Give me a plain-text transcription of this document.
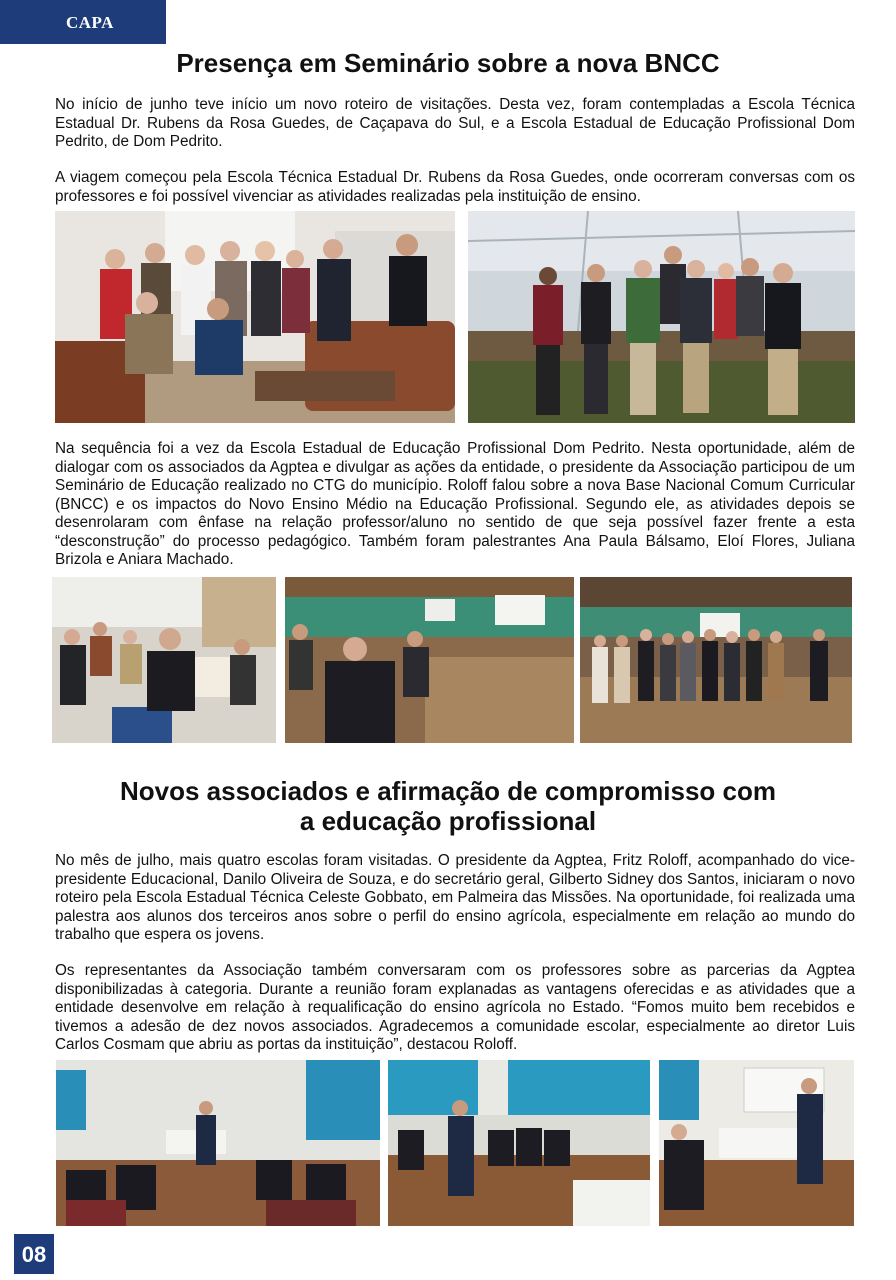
CAPA
Presença em Seminário sobre a nova BNCC

No início de junho teve início um novo roteiro de visitações. Desta vez, foram contempladas a Escola Técnica Estadual Dr. Rubens da Rosa Guedes, de Caçapava do Sul, e a Escola Estadual de Educação Profissional Dom Pedrito, de Dom Pedrito.

A viagem começou pela Escola Técnica Estadual Dr. Rubens da Rosa Guedes, onde ocorreram conversas com os professores e foi possível vivenciar as atividades realizadas pela instituição de ensino.

Na sequência foi a vez da Escola Estadual de Educação Profissional Dom Pedrito. Nesta oportunidade, além de dialogar com os associados da Agptea e divulgar as ações da entidade, o presidente da Associação participou de um Seminário de Educação realizado no CTG do município. Roloff falou sobre a nova Base Nacional Comum Curricular (BNCC) e os impactos do Novo Ensino Médio na Educação Profissional. Segundo ele, as atividades depois se desenrolaram com ênfase na relação professor/aluno no sentido de que seja possível fazer frente a esta “desconstrução” do processo pedagógico. Também foram palestrantes Ana Paula Bálsamo, Eloí Flores, Juliana Brizola e Aniara Machado.

Novos associados e afirmação de compromisso com
a educação profissional

No mês de julho, mais quatro escolas foram visitadas. O presidente da Agptea, Fritz Roloff, acompanhado do vice-presidente Educacional, Danilo Oliveira de Souza, e do secretário geral, Gilberto Sidney dos Santos, iniciaram o novo roteiro pela Escola Estadual Técnica Celeste Gobbato, em Palmeira das Missões. Na oportunidade, foi realizada uma palestra aos alunos dos terceiros anos sobre o perfil do ensino agrícola, especialmente em relação ao mundo do trabalho que espera os jovens.

Os representantes da Associação também conversaram com os professores sobre as parcerias da Agptea disponibilizadas à categoria. Durante a reunião foram explanadas as vantagens oferecidas e as atividades que a entidade desenvolve em relação à requalificação do ensino agrícola no Estado. “Fomos muito bem recebidos e tivemos a adesão de dez novos associados. Agradecemos a comunidade escolar, especialmente ao diretor Luis Carlos Cosmam que abriu as portas da instituição”, destacou Roloff.

08
